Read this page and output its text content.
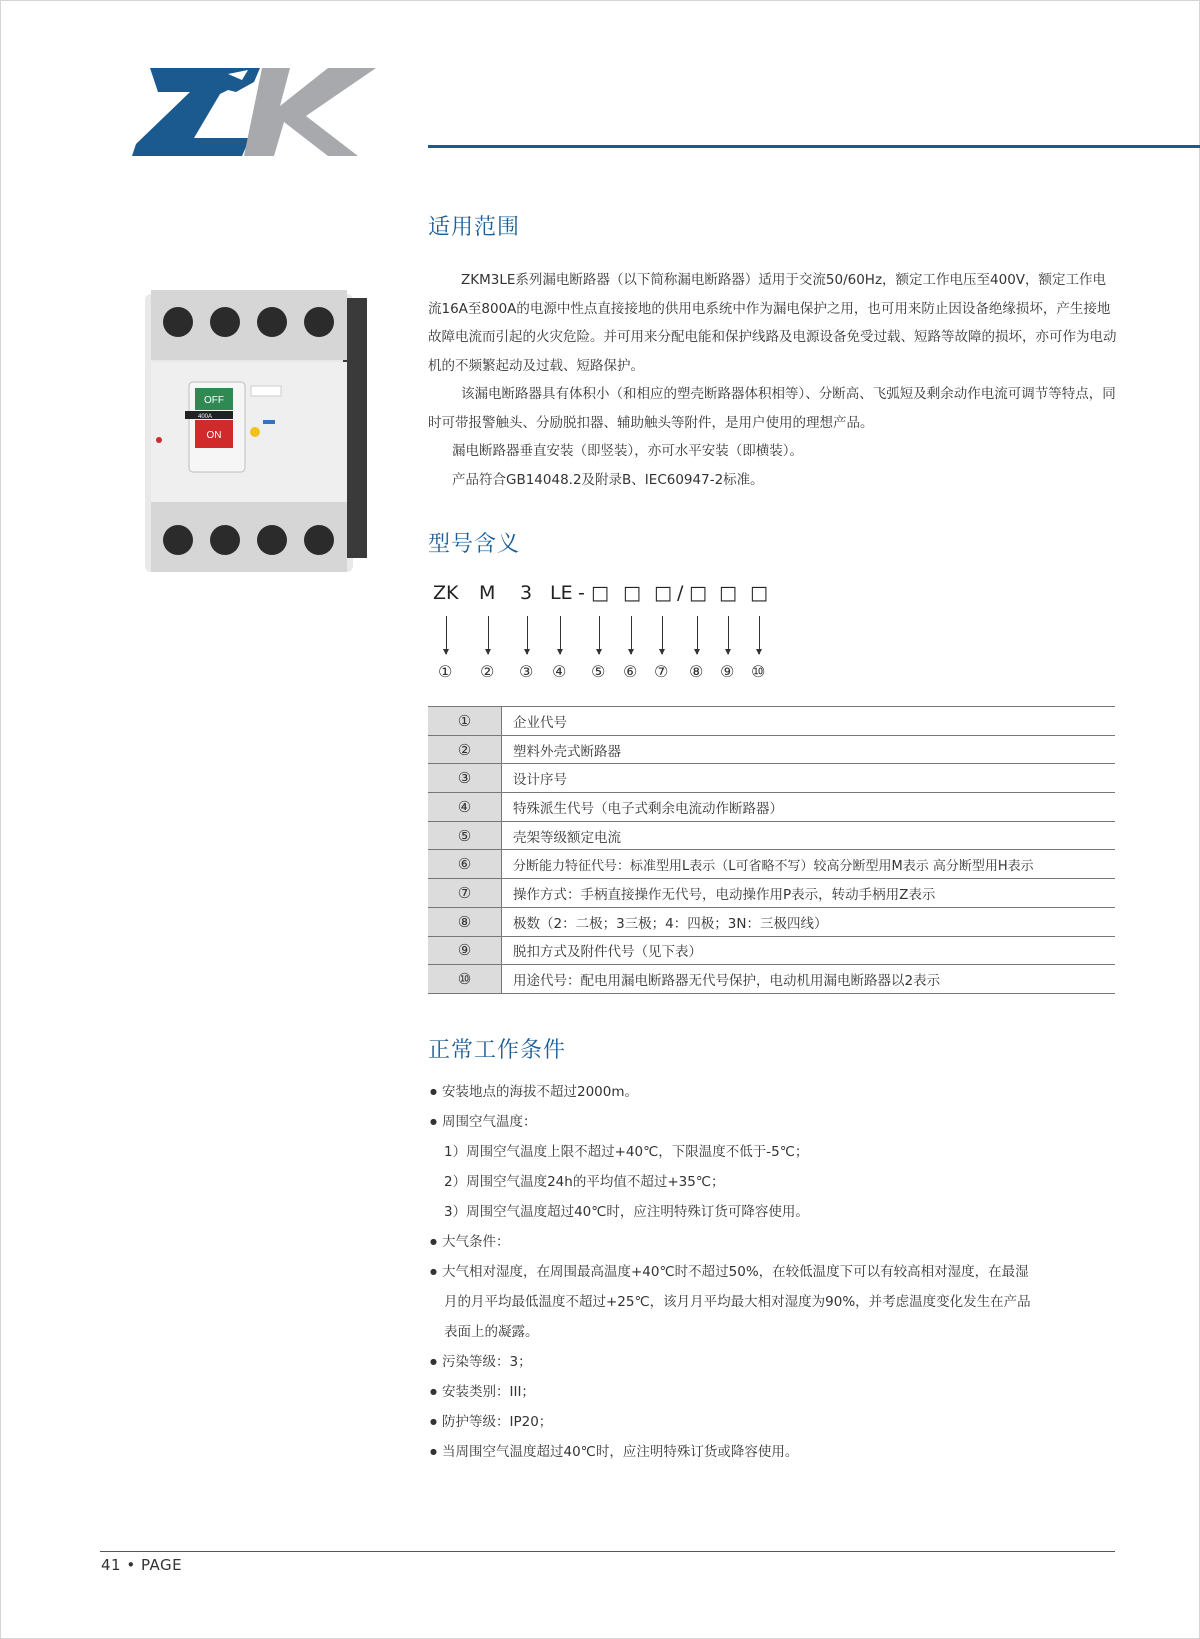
适用范围

ZKM3LE系列漏电断路器（以下简称漏电断路器）适用于交流50/60Hz，额定工作电压至400V，额定工作电流16A至800A的电源中性点直接接地的供用电系统中作为漏电保护之用，也可用来防止因设备绝缘损坏，产生接地故障电流而引起的火灾危险。并可用来分配电能和保护线路及电源设备免受过载、短路等故障的损坏，亦可作为电动机的不频繁起动及过载、短路保护。

该漏电断路器具有体积小（和相应的塑壳断路器体积相等）、分断高、飞弧短及剩余动作电流可调节等特点，同时可带报警触头、分励脱扣器、辅助触头等附件，是用户使用的理想产品。

漏电断路器垂直安装（即竖装），亦可水平安装（即横装）。

产品符合GB14048.2及附录B、IEC60947-2标准。

OFF
400A
ON
型号含义
ZK M 3 LE - □ □ □ / □ □ □
① ② ③ ④ ⑤ ⑥ ⑦ ⑧ ⑨ ⑩
①	企业代号
②	塑料外壳式断路器
③	设计序号
④	特殊派生代号（电子式剩余电流动作断路器）
⑤	壳架等级额定电流
⑥	分断能力特征代号：标准型用L表示（L可省略不写）较高分断型用M表示 高分断型用H表示
⑦	操作方式：手柄直接操作无代号，电动操作用P表示，转动手柄用Z表示
⑧	极数（2：二极；3三极；4：四极；3N：三极四线）
⑨	脱扣方式及附件代号（见下表）
⑩	用途代号：配电用漏电断路器无代号保护，电动机用漏电断路器以2表示
正常工作条件
● 安装地点的海拔不超过2000m。
● 周围空气温度：
1）周围空气温度上限不超过+40℃，下限温度不低于-5℃；
2）周围空气温度24h的平均值不超过+35℃；
3）周围空气温度超过40℃时，应注明特殊订货可降容使用。
● 大气条件：
● 大气相对湿度，在周围最高温度+40℃时不超过50%，在较低温度下可以有较高相对湿度，在最湿
月的月平均最低温度不超过+25℃，该月月平均最大相对湿度为90%，并考虑温度变化发生在产品
表面上的凝露。
● 污染等级：3；
● 安装类别：III；
● 防护等级：IP20；
● 当周围空气温度超过40℃时，应注明特殊订货或降容使用。
41 • PAGE
